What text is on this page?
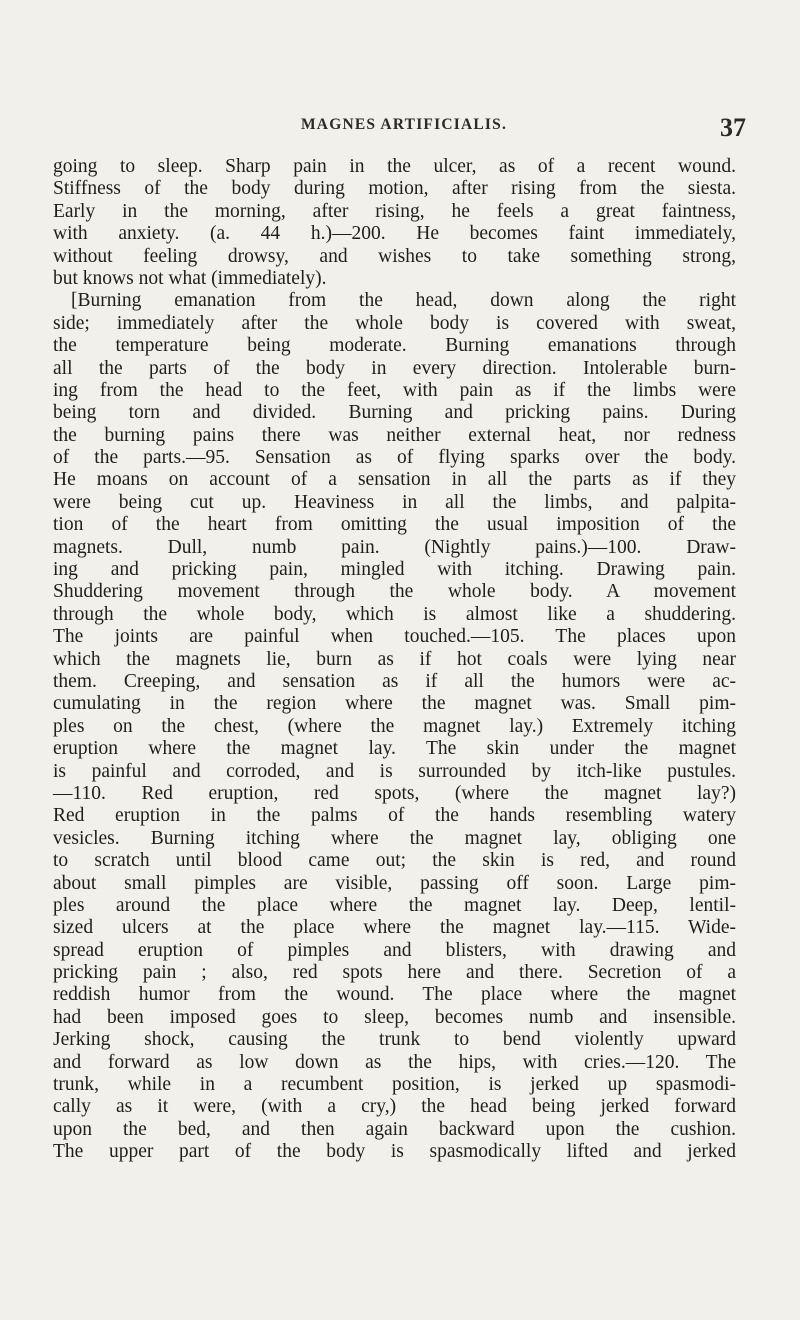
MAGNES ARTIFICIALIS.	37
going to sleep. Sharp pain in the ulcer, as of a recent wound.
Stiffness of the body during motion, after rising from the siesta.
Early in the morning, after rising, he feels a great faintness,
with anxiety. (a. 44 h.)—200. He becomes faint immediately,
without feeling drowsy, and wishes to take something strong,
but knows not what (immediately).
[Burning emanation from the head, down along the right
side; immediately after the whole body is covered with sweat,
the temperature being moderate. Burning emanations through
all the parts of the body in every direction. Intolerable burn-
ing from the head to the feet, with pain as if the limbs were
being torn and divided. Burning and pricking pains. During
the burning pains there was neither external heat, nor redness
of the parts.—95. Sensation as of flying sparks over the body.
He moans on account of a sensation in all the parts as if they
were being cut up. Heaviness in all the limbs, and palpita-
tion of the heart from omitting the usual imposition of the
magnets. Dull, numb pain. (Nightly pains.)—100. Draw-
ing and pricking pain, mingled with itching. Drawing pain.
Shuddering movement through the whole body. A movement
through the whole body, which is almost like a shuddering.
The joints are painful when touched.—105. The places upon
which the magnets lie, burn as if hot coals were lying near
them. Creeping, and sensation as if all the humors were ac-
cumulating in the region where the magnet was. Small pim-
ples on the chest, (where the magnet lay.) Extremely itching
eruption where the magnet lay. The skin under the magnet
is painful and corroded, and is surrounded by itch-like pustules.
—110. Red eruption, red spots, (where the magnet lay?)
Red eruption in the palms of the hands resembling watery
vesicles. Burning itching where the magnet lay, obliging one
to scratch until blood came out; the skin is red, and round
about small pimples are visible, passing off soon. Large pim-
ples around the place where the magnet lay. Deep, lentil-
sized ulcers at the place where the magnet lay.—115. Wide-
spread eruption of pimples and blisters, with drawing and
pricking pain ; also, red spots here and there. Secretion of a
reddish humor from the wound. The place where the magnet
had been imposed goes to sleep, becomes numb and insensible.
Jerking shock, causing the trunk to bend violently upward
and forward as low down as the hips, with cries.—120. The
trunk, while in a recumbent position, is jerked up spasmodi-
cally as it were, (with a cry,) the head being jerked forward
upon the bed, and then again backward upon the cushion.
The upper part of the body is spasmodically lifted and jerked
